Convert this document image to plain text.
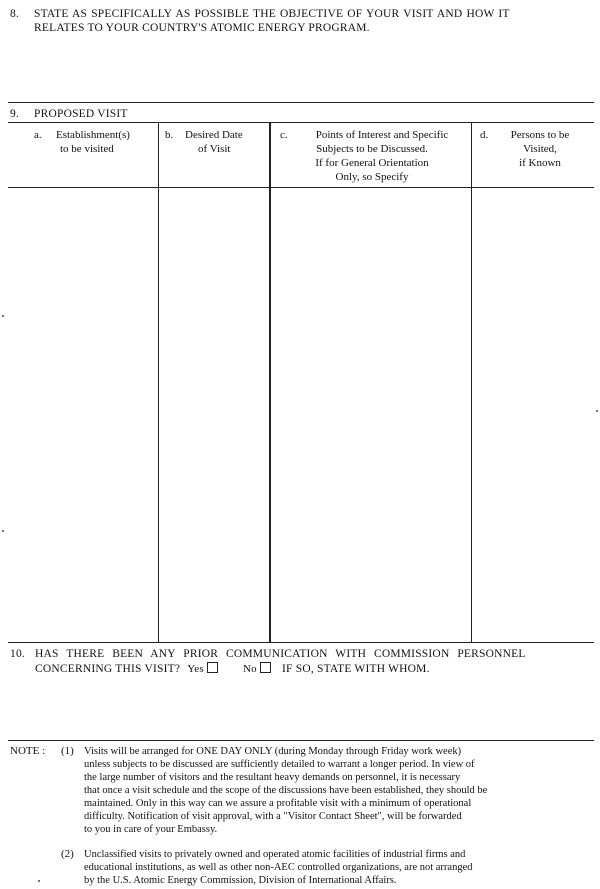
8. STATE AS SPECIFICALLY AS POSSIBLE THE OBJECTIVE OF YOUR VISIT AND HOW IT
RELATES TO YOUR COUNTRY'S ATOMIC ENERGY PROGRAM.
9. PROPOSED VISIT
a. Establishment(s)
to be visited
b. Desired Date
of Visit
c.	Points of Interest and Specific
Subjects to be Discussed.
If for General Orientation
Only, so Specify
d.	Persons to be
Visited,
if Known
10. HAS THERE BEEN ANY PRIOR COMMUNICATION WITH COMMISSION PERSONNEL
CONCERNING THIS VISIT? Yes	No IF SO, STATE WITH WHOM.
NOTE : (1) Visits will be arranged for ONE DAY ONLY (during Monday through Friday work week)
unless subjects to be discussed are sufficiently detailed to warrant a longer period. In view of
the large number of visitors and the resultant heavy demands on personnel, it is necessary
that once a visit schedule and the scope of the discussions have been established, they should be
maintained. Only in this way can we assure a profitable visit with a minimum of operational
difficulty. Notification of visit approval, with a "Visitor Contact Sheet", will be forwarded
to you in care of your Embassy.
(2) Unclassified visits to privately owned and operated atomic facilities of industrial firms and
educational institutions, as well as other non-AEC controlled organizations, are not arranged
by the U.S. Atomic Energy Commission, Division of International Affairs.
